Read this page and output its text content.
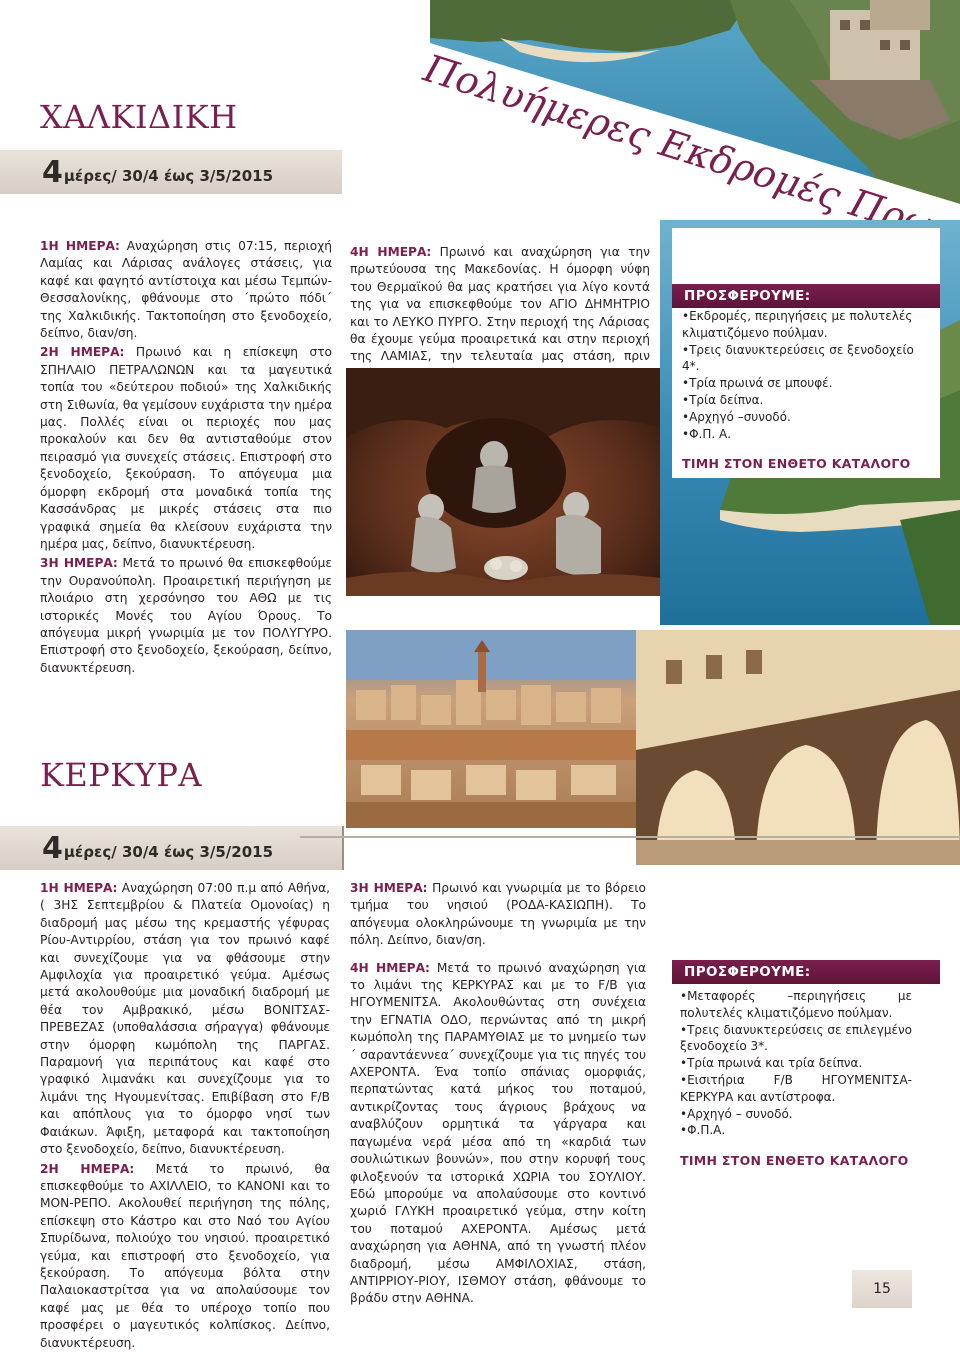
ΧΑΛΚΙΔΙΚΗ
4 μέρες/ 30/4 έως 3/5/2015

1Η ΗΜΕΡΑ: Αναχώρηση στις 07:15, περιοχή Λαμίας και Λάρισας ανάλογες στάσεις, για καφέ και φαγητό αντίστοιχα και μέσω Τεμπών-Θεσσαλονίκης, φθάνουμε στο ΄πρώτο πόδι΄ της Χαλκιδικής. Τακτοποίηση στο ξενοδοχείο, δείπνο, διαν/ση.

2Η ΗΜΕΡΑ: Πρωινό και η επίσκεψη στο ΣΠΗΛΑΙΟ ΠΕΤΡΑΛΩΝΩΝ και τα μαγευτικά τοπία του «δεύτερου ποδιού» της Χαλκιδικής στη Σιθωνία, θα γεμίσουν ευχάριστα την ημέρα μας. Πολλές είναι οι περιοχές που μας προκαλούν και δεν θα αντισταθούμε στον πειρασμό για συνεχείς στάσεις. Επιστροφή στο ξενοδοχείο, ξεκούραση. Το απόγευμα μια όμορφη εκδρομή στα μοναδικά τοπία της Κασσάνδρας με μικρές στάσεις στα πιο γραφικά σημεία θα κλείσουν ευχάριστα την ημέρα μας, δείπνο, διανυκτέρευση.

3Η ΗΜΕΡΑ: Μετά το πρωινό θα επισκεφθούμε την Ουρανούπολη. Προαιρετική περιήγηση με πλοιάριο στη χερσόνησο του ΑΘΩ με τις ιστορικές Μονές του Αγίου Όρους. Το απόγευμα μικρή γνωριμία με τον ΠΟΛΥΓΥΡΟ. Επιστροφή στο ξενοδοχείο, ξεκούραση, δείπνο, διανυκτέρευση.

4Η ΗΜΕΡΑ: Πρωινό και αναχώρηση για την πρωτεύουσα της Μακεδονίας. Η όμορφη νύφη του Θερμαϊκού θα μας κρατήσει για λίγο κοντά της για να επισκεφθούμε τον ΑΓΙΟ ΔΗΜΗΤΡΙΟ και το ΛΕΥΚΟ ΠΥΡΓΟ. Στην περιοχή της Λάρισας θα έχουμε γεύμα προαιρετικά και στην περιοχή της ΛΑΜΙΑΣ, την τελευταία μας στάση, πριν

ΠΡΟΣΦΕΡΟΥΜΕ:
•Εκδρομές, περιηγήσεις με πολυτελές κλιματιζόμενο πούλμαν.
•Τρεις διανυκτερεύσεις σε ξενοδοχείο 4*.
•Τρία πρωινά σε μπουφέ.
•Τρία δείπνα.
•Αρχηγό –συνοδό.
•Φ.Π. Α.
ΤΙΜΗ ΣΤΟΝ ΕΝΘΕΤΟ ΚΑΤΑΛΟΓΟ
ΚΕΡΚΥΡΑ
4 μέρες/ 30/4 έως 3/5/2015

1Η ΗΜΕΡΑ: Αναχώρηση 07:00 π.μ από Αθήνα, ( 3ΗΣ Σεπτεμβρίου & Πλατεία Ομονοίας) η διαδρομή μας μέσω της κρεμαστής γέφυρας Ρίου-Αντιρρίου, στάση για τον πρωινό καφέ και συνεχίζουμε για να φθάσουμε στην Αμφιλοχία για προαιρετικό γεύμα. Αμέσως μετά ακολουθούμε μια μοναδική διαδρομή με θέα τον Αμβρακικό, μέσω ΒΟΝΙΤΣΑΣ-ΠΡΕΒΕΖΑΣ (υποθαλάσσια σήραγγα) φθάνουμε στην όμορφη κωμόπολη της ΠΑΡΓΑΣ. Παραμονή για περιπάτους και καφέ στο γραφικό λιμανάκι και συνεχίζουμε για το λιμάνι της Ηγουμενίτσας. Επιβίβαση στο F/B και απόπλους για το όμορφο νησί των Φαιάκων. Άφιξη, μεταφορά και τακτοποίηση στο ξενοδοχείο, δείπνο, διανυκτέρευση.

2Η ΗΜΕΡΑ: Μετά το πρωινό, θα επισκεφθούμε το ΑΧΙΛΛΕΙΟ, το ΚΑΝΟΝΙ και το ΜΟΝ-ΡΕΠΟ. Ακολουθεί περιήγηση της πόλης, επίσκεψη στο Κάστρο και στο Ναό του Αγίου Σπυρίδωνα, πολιούχο του νησιού. προαιρετικό γεύμα, και επιστροφή στο ξενοδοχείο, για ξεκούραση. Το απόγευμα βόλτα στην Παλαιοκαστρίτσα για να απολαύσουμε τον καφέ μας με θέα το υπέροχο τοπίο που προσφέρει ο μαγευτικός κολπίσκος. Δείπνο, διανυκτέρευση.

3Η ΗΜΕΡΑ: Πρωινό και γνωριμία με το βόρειο τμήμα του νησιού (ΡΟΔΑ-ΚΑΣΙΩΠΗ). Το απόγευμα ολοκληρώνουμε τη γνωριμία με την πόλη. Δείπνο, διαν/ση.

4Η ΗΜΕΡΑ: Μετά το πρωινό αναχώρηση για το λιμάνι της ΚΕΡΚΥΡΑΣ και με το F/B για ΗΓΟΥΜΕΝΙΤΣΑ. Ακολουθώντας στη συνέχεια την ΕΓΝΑΤΙΑ ΟΔΟ, περνώντας από τη μικρή κωμόπολη της ΠΑΡΑΜΥΘΙΑΣ με το μνημείο των ΄ σαραντάεννεα΄ συνεχίζουμε για τις πηγές του ΑΧΕΡΟΝΤΑ. Ένα τοπίο σπάνιας ομορφιάς, περπατώντας κατά μήκος του ποταμού, αντικρίζοντας τους άγριους βράχους να αναβλύζουν ορμητικά τα γάργαρα και παγωμένα νερά μέσα από τη «καρδιά των σουλιώτικων βουνών», που στην κορυφή τους φιλοξενούν τα ιστορικά ΧΩΡΙΑ του ΣΟΥΛΙΟΥ. Εδώ μπορούμε να απολαύσουμε στο κοντινό χωριό ΓΛΥΚΗ προαιρετικό γεύμα, στην κοίτη του ποταμού ΑΧΕΡΟΝΤΑ. Αμέσως μετά αναχώρηση για ΑΘΗΝΑ, από τη γνωστή πλέον διαδρομή, μέσω ΑΜΦΙΛΟΧΙΑΣ, στάση, ΑΝΤΙΡΡΙΟΥ-ΡΙΟΥ, ΙΣΘΜΟΥ στάση, φθάνουμε το βράδυ στην ΑΘΗΝΑ.

ΠΡΟΣΦΕΡΟΥΜΕ:
•Μεταφορές –περιηγήσεις με πολυτελές κλιματιζόμενο πούλμαν.
•Τρεις διανυκτερεύσεις σε επιλεγμένο ξενοδοχείο 3*.
•Τρία πρωινά και τρία δείπνα.
•Εισιτήρια F/B ΗΓΟΥΜΕΝΙΤΣΑ-ΚΕΡΚΥΡΑ και αντίστροφα.
•Αρχηγό – συνοδό.
•Φ.Π.Α.
ΤΙΜΗ ΣΤΟΝ ΕΝΘΕΤΟ ΚΑΤΑΛΟΓΟ
15
